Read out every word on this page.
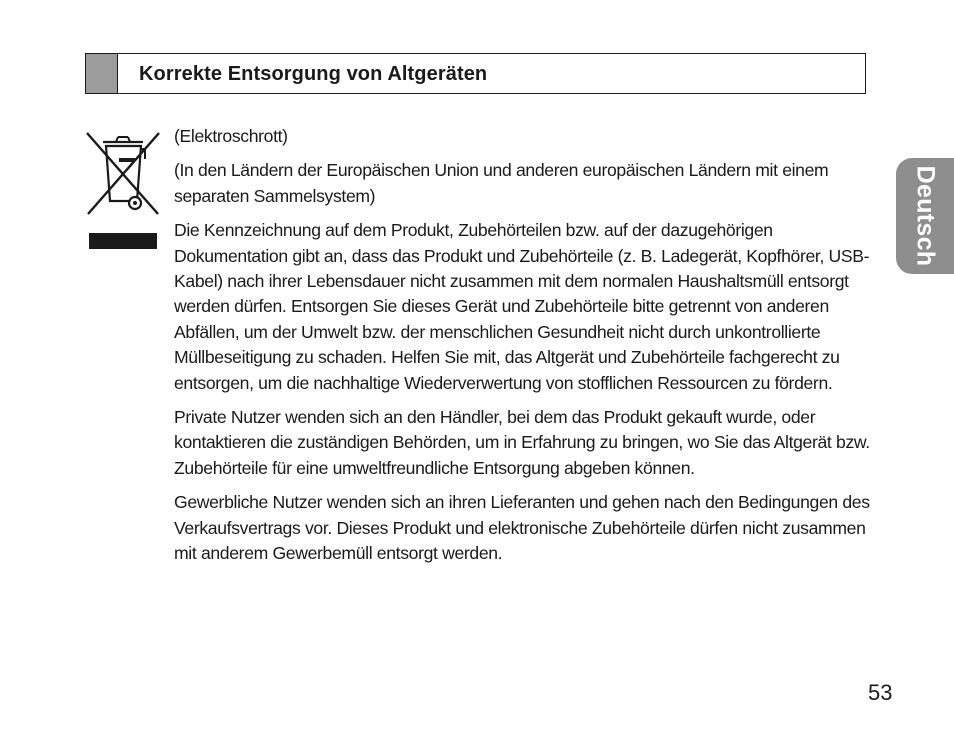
Korrekte Entsorgung von Altgeräten

(Elektroschrott)

(In den Ländern der Europäischen Union und anderen europäischen Ländern mit einem separaten Sammelsystem)

Die Kennzeichnung auf dem Produkt, Zubehörteilen bzw. auf der dazugehörigen Dokumentation gibt an, dass das Produkt und Zubehörteile (z. B. Ladegerät, Kopfhörer, USB-Kabel) nach ihrer Lebensdauer nicht zusammen mit dem normalen Haushaltsmüll entsorgt werden dürfen. Entsorgen Sie dieses Gerät und Zubehörteile bitte getrennt von anderen Abfällen, um der Umwelt bzw. der menschlichen Gesundheit nicht durch unkontrollierte Müllbeseitigung zu schaden. Helfen Sie mit, das Altgerät und Zubehörteile fachgerecht zu entsorgen, um die nachhaltige Wiederverwertung von stofflichen Ressourcen zu fördern.

Private Nutzer wenden sich an den Händler, bei dem das Produkt gekauft wurde, oder kontaktieren die zuständigen Behörden, um in Erfahrung zu bringen, wo Sie das Altgerät bzw. Zubehörteile für eine umweltfreundliche Entsorgung abgeben können.

Gewerbliche Nutzer wenden sich an ihren Lieferanten und gehen nach den Bedingungen des Verkaufsvertrags vor. Dieses Produkt und elektronische Zubehörteile dürfen nicht zusammen mit anderem Gewerbemüll entsorgt werden.

Deutsch
53
